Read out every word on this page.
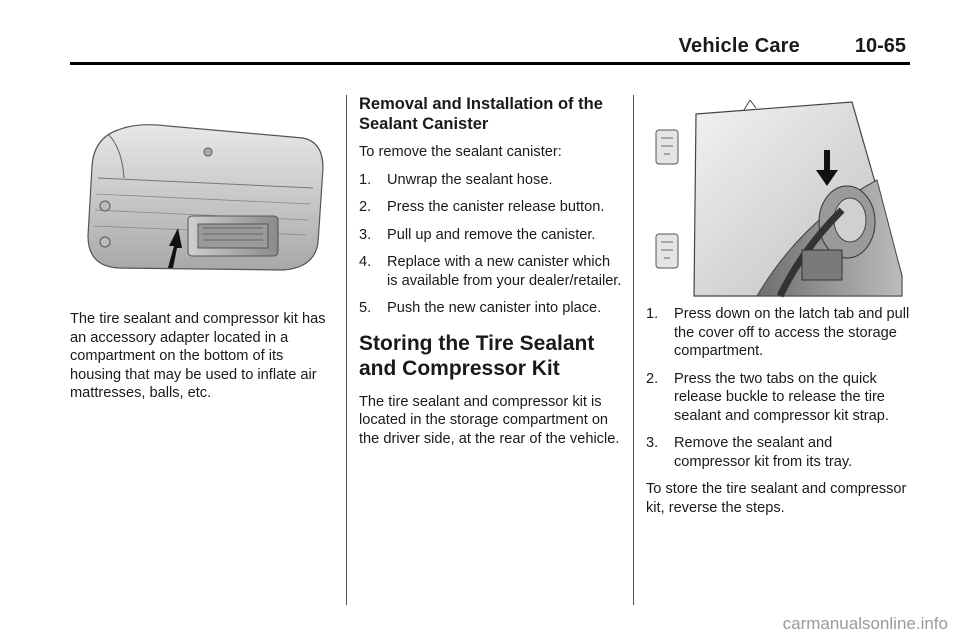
Vehicle Care	10-65

The tire sealant and compressor kit has an accessory adapter located in a compartment on the bottom of its housing that may be used to inflate air mattresses, balls, etc.

Removal and Installation of the Sealant Canister

To remove the sealant canister:

1. Unwrap the sealant hose.
2. Press the canister release button.
3. Pull up and remove the canister.
4. Replace with a new canister which is available from your dealer/retailer.
5. Push the new canister into place.
Storing the Tire Sealant and Compressor Kit

The tire sealant and compressor kit is located in the storage compartment on the driver side, at the rear of the vehicle.

1. Press down on the latch tab and pull the cover off to access the storage compartment.
2. Press the two tabs on the quick release buckle to release the tire sealant and compressor kit strap.
3. Remove the sealant and compressor kit from its tray.

To store the tire sealant and compressor kit, reverse the steps.

carmanualsonline.info
